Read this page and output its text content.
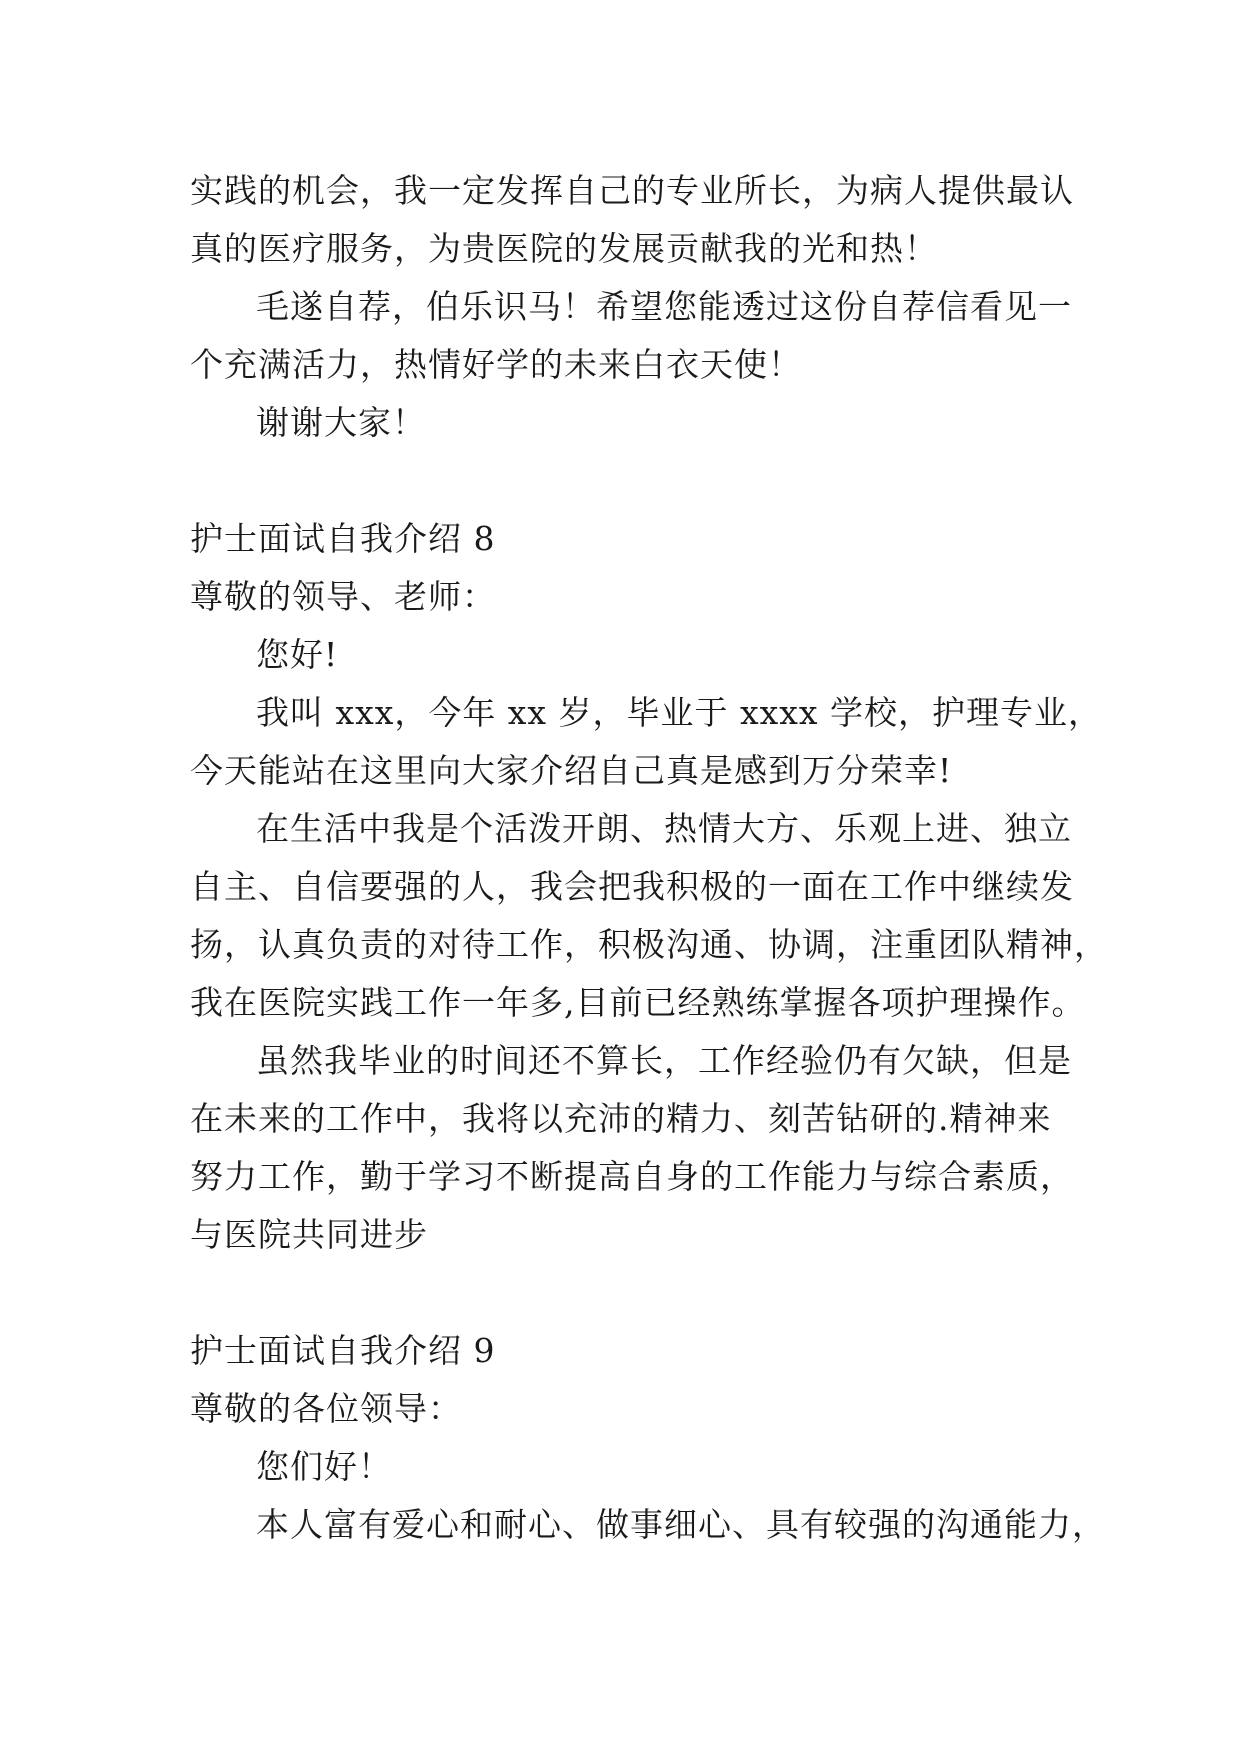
实践的机会，我一定发挥自己的专业所长，为病人提供最认
真的医疗服务，为贵医院的发展贡献我的光和热！
毛遂自荐，伯乐识马！希望您能透过这份自荐信看见一
个充满活力，热情好学的未来白衣天使！
谢谢大家！
护士面试自我介绍 8
尊敬的领导、老师：
您好!
我叫 xxx，今年 xx 岁，毕业于 xxxx 学校，护理专业，
今天能站在这里向大家介绍自己真是感到万分荣幸!
在生活中我是个活泼开朗、热情大方、乐观上进、独立
自主、自信要强的人，我会把我积极的一面在工作中继续发
扬，认真负责的对待工作，积极沟通、协调，注重团队精神，
我在医院实践工作一年多,目前已经熟练掌握各项护理操作。
虽然我毕业的时间还不算长，工作经验仍有欠缺，但是
在未来的工作中，我将以充沛的精力、刻苦钻研的.精神来
努力工作，勤于学习不断提高自身的工作能力与综合素质，
与医院共同进步
护士面试自我介绍 9
尊敬的各位领导：
您们好！
本人富有爱心和耐心、做事细心、具有较强的沟通能力，
